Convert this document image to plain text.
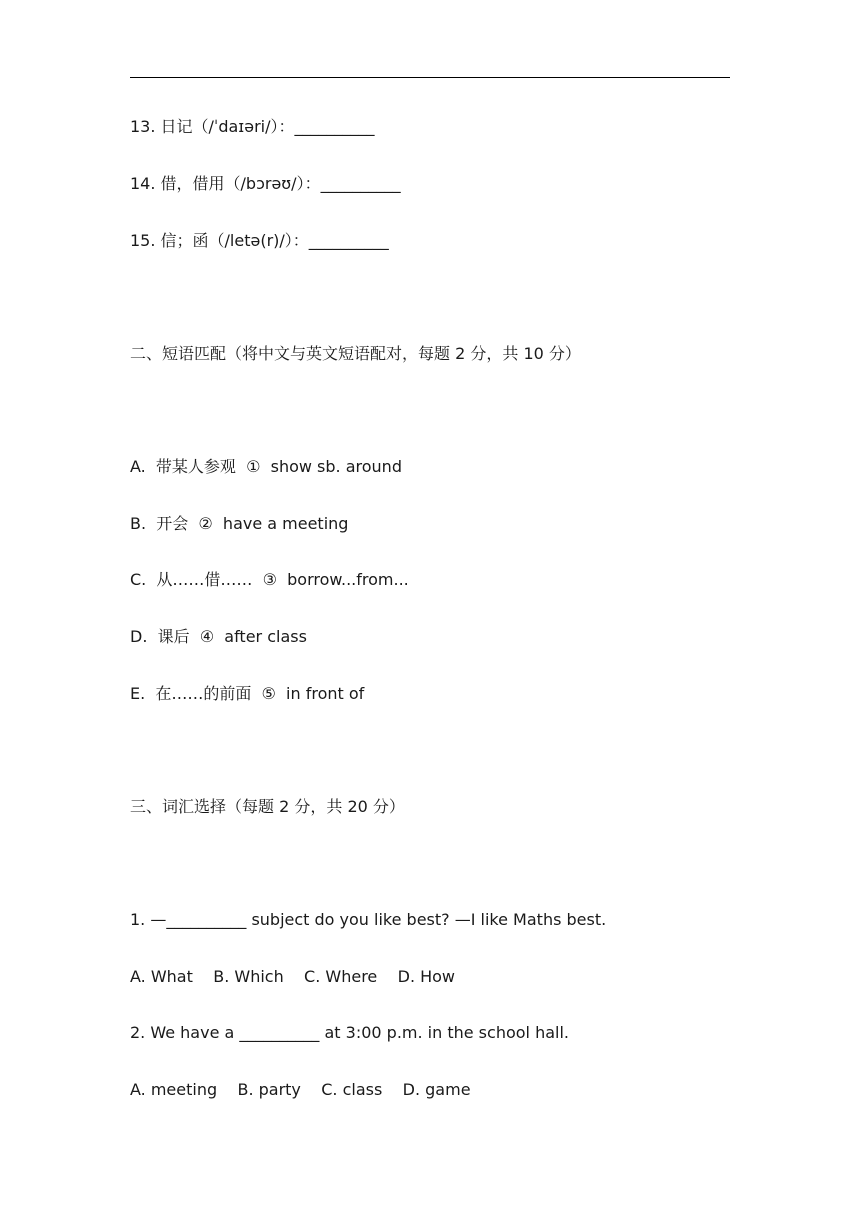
13. 日记（/ˈdaɪəri/）：__________
14. 借，借用（/bɔrəʊ/）：__________
15. 信；函（/letə(r)/）：__________
二、短语匹配（将中文与英文短语配对，每题 2 分，共 10 分）
A.  带某人参观  ①  show sb. around
B.  开会  ②  have a meeting
C.  从……借……  ③  borrow...from...
D.  课后  ④  after class
E.  在……的前面  ⑤  in front of
三、词汇选择（每题 2 分，共 20 分）
1. —__________ subject do you like best? —I like Maths best.
A. What    B. Which    C. Where    D. How
2. We have a __________ at 3:00 p.m. in the school hall.
A. meeting    B. party    C. class    D. game
